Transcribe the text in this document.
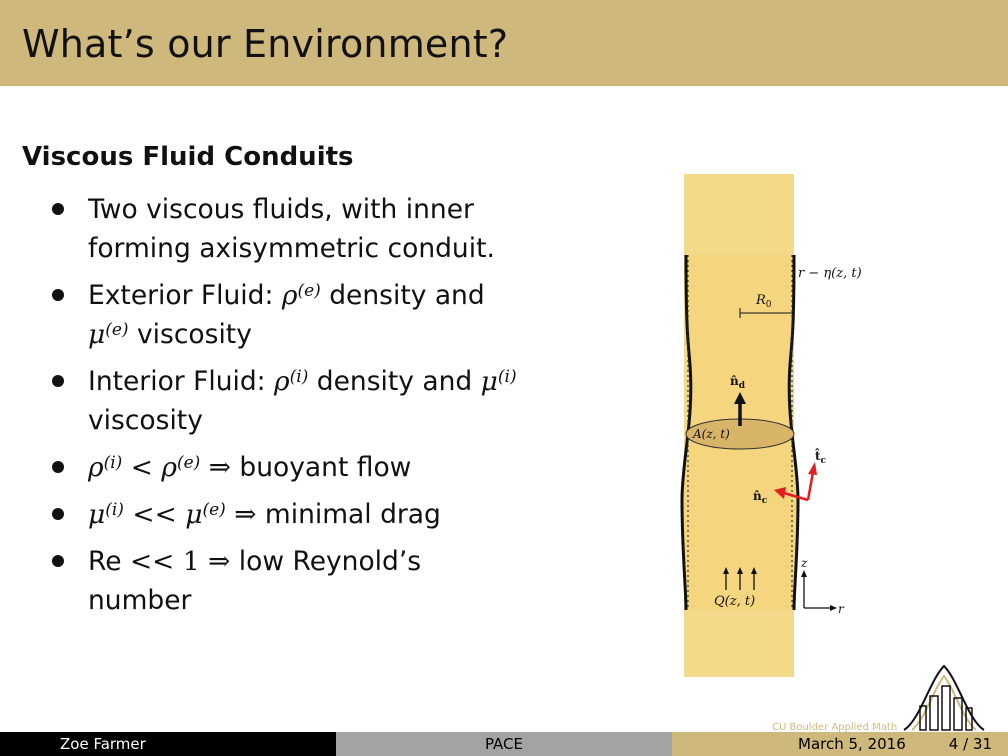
What’s our Environment?
Viscous Fluid Conduits
Two viscous fluids, with inner forming axisymmetric conduit.
Exterior Fluid: $\rho^{(e)}$ density and $\mu^{(e)}$ viscosity
Interior Fluid: $\rho^{(i)}$ density and $\mu^{(i)}$ viscosity
$\rho^{(i)} < \rho^{(e)}$ ⇒ buoyant flow
$\mu^{(i)} << \mu^{(e)}$ ⇒ minimal drag
Re << 1 ⇒ low Reynold’s number
r − η(z, t)
$R_0$
$n̂_d$
A(z, t)
$t̂_c$
$n̂_c$
Q(z, t)
z
r
CU Boulder Applied Math
Zoe Farmer	PACE	March 5, 2016	4 / 31
